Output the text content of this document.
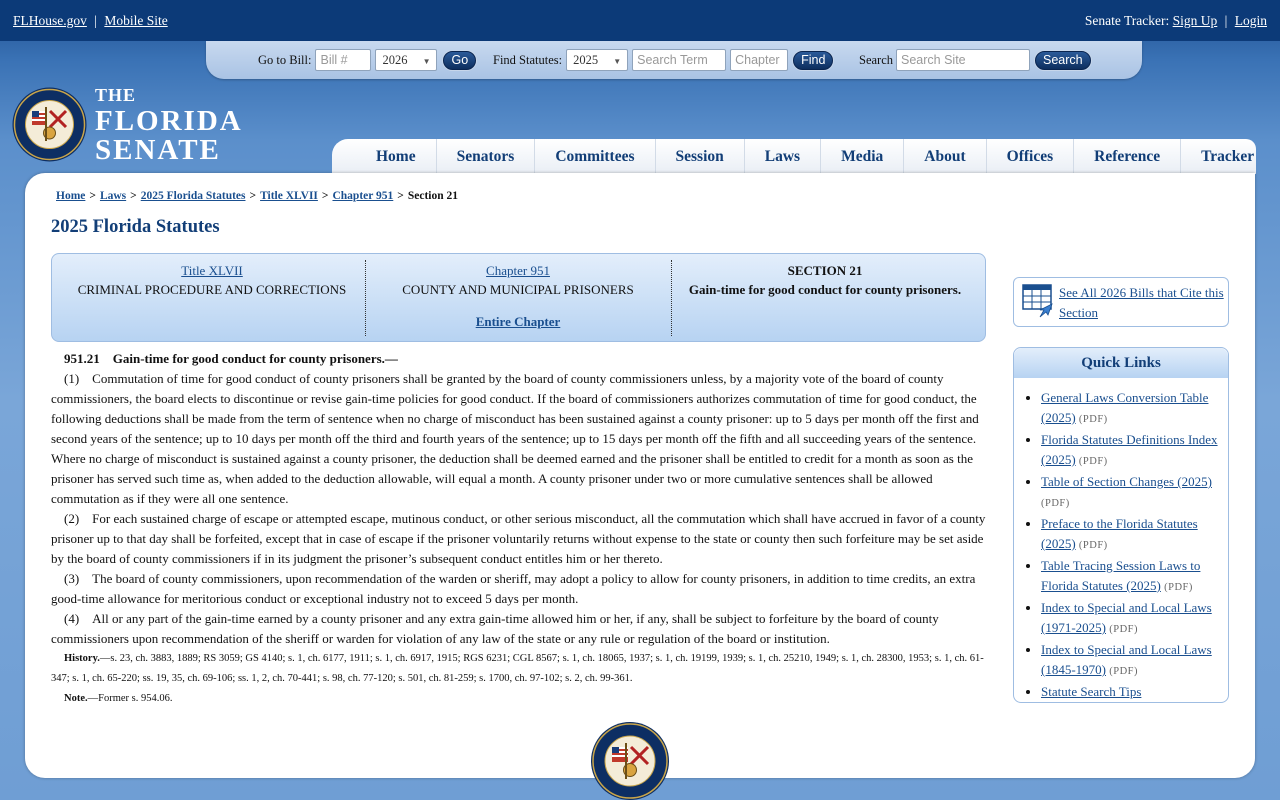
FLHouse.gov | Mobile Site	Senate Tracker: Sign Up | Login
Go to Bill: Bill #	2026 ▼	Go	Find Statutes: 2025 ▼	Search Term	Chapter	Find	Search Search Site	Search
THE
FLORIDA
SENATE	Home	Senators	Committees	Session	Laws	Media	About	Offices	Reference	Tracker
Home > Laws > 2025 Florida Statutes > Title XLVII > Chapter 951 > Section 21
2025 Florida Statutes
Title XLVII
CRIMINAL PROCEDURE AND CORRECTIONS
Chapter 951
COUNTY AND MUNICIPAL PRISONERS
Entire Chapter
SECTION 21
Gain-time for good conduct for county prisoners.

951.21 Gain-time for good conduct for county prisoners.—

(1) Commutation of time for good conduct of county prisoners shall be granted by the board of county commissioners unless, by a majority vote of the board of county commissioners, the board elects to discontinue or revise gain-time policies for good conduct. If the board of commissioners authorizes commutation of time for good conduct, the following deductions shall be made from the term of sentence when no charge of misconduct has been sustained against a county prisoner: up to 5 days per month off the first and second years of the sentence; up to 10 days per month off the third and fourth years of the sentence; up to 15 days per month off the fifth and all succeeding years of the sentence. Where no charge of misconduct is sustained against a county prisoner, the deduction shall be deemed earned and the prisoner shall be entitled to credit for a month as soon as the prisoner has served such time as, when added to the deduction allowable, will equal a month. A county prisoner under two or more cumulative sentences shall be allowed commutation as if they were all one sentence.

(2) For each sustained charge of escape or attempted escape, mutinous conduct, or other serious misconduct, all the commutation which shall have accrued in favor of a county prisoner up to that day shall be forfeited, except that in case of escape if the prisoner voluntarily returns without expense to the state or county then such forfeiture may be set aside by the board of county commissioners if in its judgment the prisoner’s subsequent conduct entitles him or her thereto.

(3) The board of county commissioners, upon recommendation of the warden or sheriff, may adopt a policy to allow for county prisoners, in addition to time credits, an extra good-time allowance for meritorious conduct or exceptional industry not to exceed 5 days per month.

(4) All or any part of the gain-time earned by a county prisoner and any extra gain-time allowed him or her, if any, shall be subject to forfeiture by the board of county commissioners upon recommendation of the sheriff or warden for violation of any law of the state or any rule or regulation of the board or institution.

History.—s. 23, ch. 3883, 1889; RS 3059; GS 4140; s. 1, ch. 6177, 1911; s. 1, ch. 6917, 1915; RGS 6231; CGL 8567; s. 1, ch. 18065, 1937; s. 1, ch. 19199, 1939; s. 1, ch. 25210, 1949; s. 1, ch. 28300, 1953; s. 1, ch. 61-347; s. 1, ch. 65-220; ss. 19, 35, ch. 69-106; ss. 1, 2, ch. 70-441; s. 98, ch. 77-120; s. 501, ch. 81-259; s. 1700, ch. 97-102; s. 2, ch. 99-361.

Note.—Former s. 954.06.

See All 2026 Bills that Cite this Section
Quick Links
• General Laws Conversion Table (2025) (PDF)
• Florida Statutes Definitions Index (2025) (PDF)
• Table of Section Changes (2025) (PDF)
• Preface to the Florida Statutes (2025) (PDF)
• Table Tracing Session Laws to Florida Statutes (2025) (PDF)
• Index to Special and Local Laws (1971-2025) (PDF)
• Index to Special and Local Laws (1845-1970) (PDF)
• Statute Search Tips
